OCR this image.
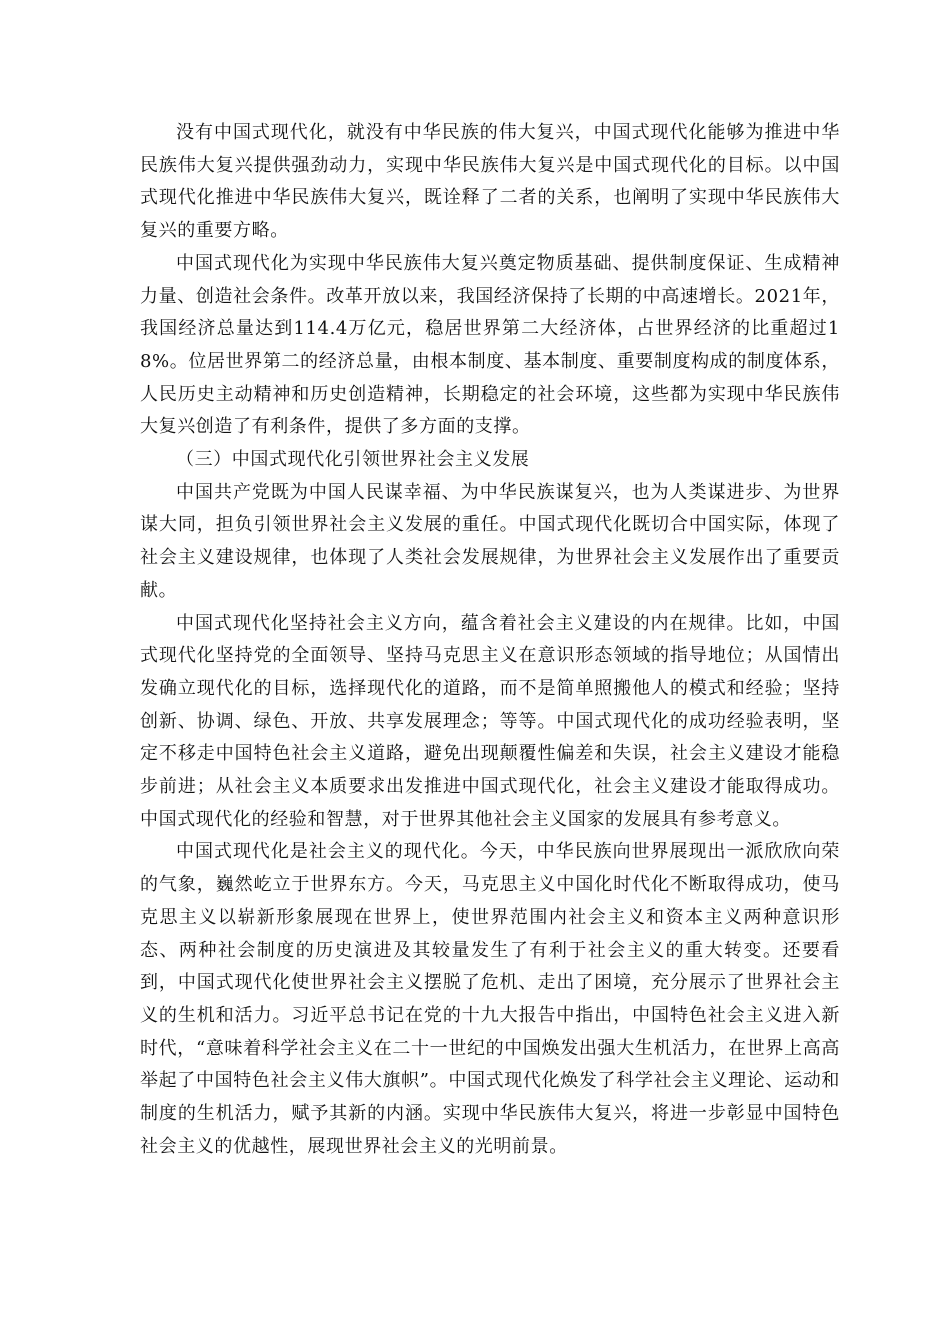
没有中国式现代化，就没有中华民族的伟大复兴，中国式现代化能够为推进中华民族伟大复兴提供强劲动力，实现中华民族伟大复兴是中国式现代化的目标。以中国式现代化推进中华民族伟大复兴，既诠释了二者的关系，也阐明了实现中华民族伟大复兴的重要方略。

中国式现代化为实现中华民族伟大复兴奠定物质基础、提供制度保证、生成精神力量、创造社会条件。改革开放以来，我国经济保持了长期的中高速增长。2021年，我国经济总量达到114.4万亿元，稳居世界第二大经济体，占世界经济的比重超过18%。位居世界第二的经济总量，由根本制度、基本制度、重要制度构成的制度体系，人民历史主动精神和历史创造精神，长期稳定的社会环境，这些都为实现中华民族伟大复兴创造了有利条件，提供了多方面的支撑。

（三）中国式现代化引领世界社会主义发展

中国共产党既为中国人民谋幸福、为中华民族谋复兴，也为人类谋进步、为世界谋大同，担负引领世界社会主义发展的重任。中国式现代化既切合中国实际，体现了社会主义建设规律，也体现了人类社会发展规律，为世界社会主义发展作出了重要贡献。

中国式现代化坚持社会主义方向，蕴含着社会主义建设的内在规律。比如，中国式现代化坚持党的全面领导、坚持马克思主义在意识形态领域的指导地位；从国情出发确立现代化的目标，选择现代化的道路，而不是简单照搬他人的模式和经验；坚持创新、协调、绿色、开放、共享发展理念；等等。中国式现代化的成功经验表明，坚定不移走中国特色社会主义道路，避免出现颠覆性偏差和失误，社会主义建设才能稳步前进；从社会主义本质要求出发推进中国式现代化，社会主义建设才能取得成功。中国式现代化的经验和智慧，对于世界其他社会主义国家的发展具有参考意义。

中国式现代化是社会主义的现代化。今天，中华民族向世界展现出一派欣欣向荣的气象，巍然屹立于世界东方。今天，马克思主义中国化时代化不断取得成功，使马克思主义以崭新形象展现在世界上，使世界范围内社会主义和资本主义两种意识形态、两种社会制度的历史演进及其较量发生了有利于社会主义的重大转变。还要看到，中国式现代化使世界社会主义摆脱了危机、走出了困境，充分展示了世界社会主义的生机和活力。习近平总书记在党的十九大报告中指出，中国特色社会主义进入新时代，“意味着科学社会主义在二十一世纪的中国焕发出强大生机活力，在世界上高高举起了中国特色社会主义伟大旗帜”。中国式现代化焕发了科学社会主义理论、运动和制度的生机活力，赋予其新的内涵。实现中华民族伟大复兴，将进一步彰显中国特色社会主义的优越性，展现世界社会主义的光明前景。
